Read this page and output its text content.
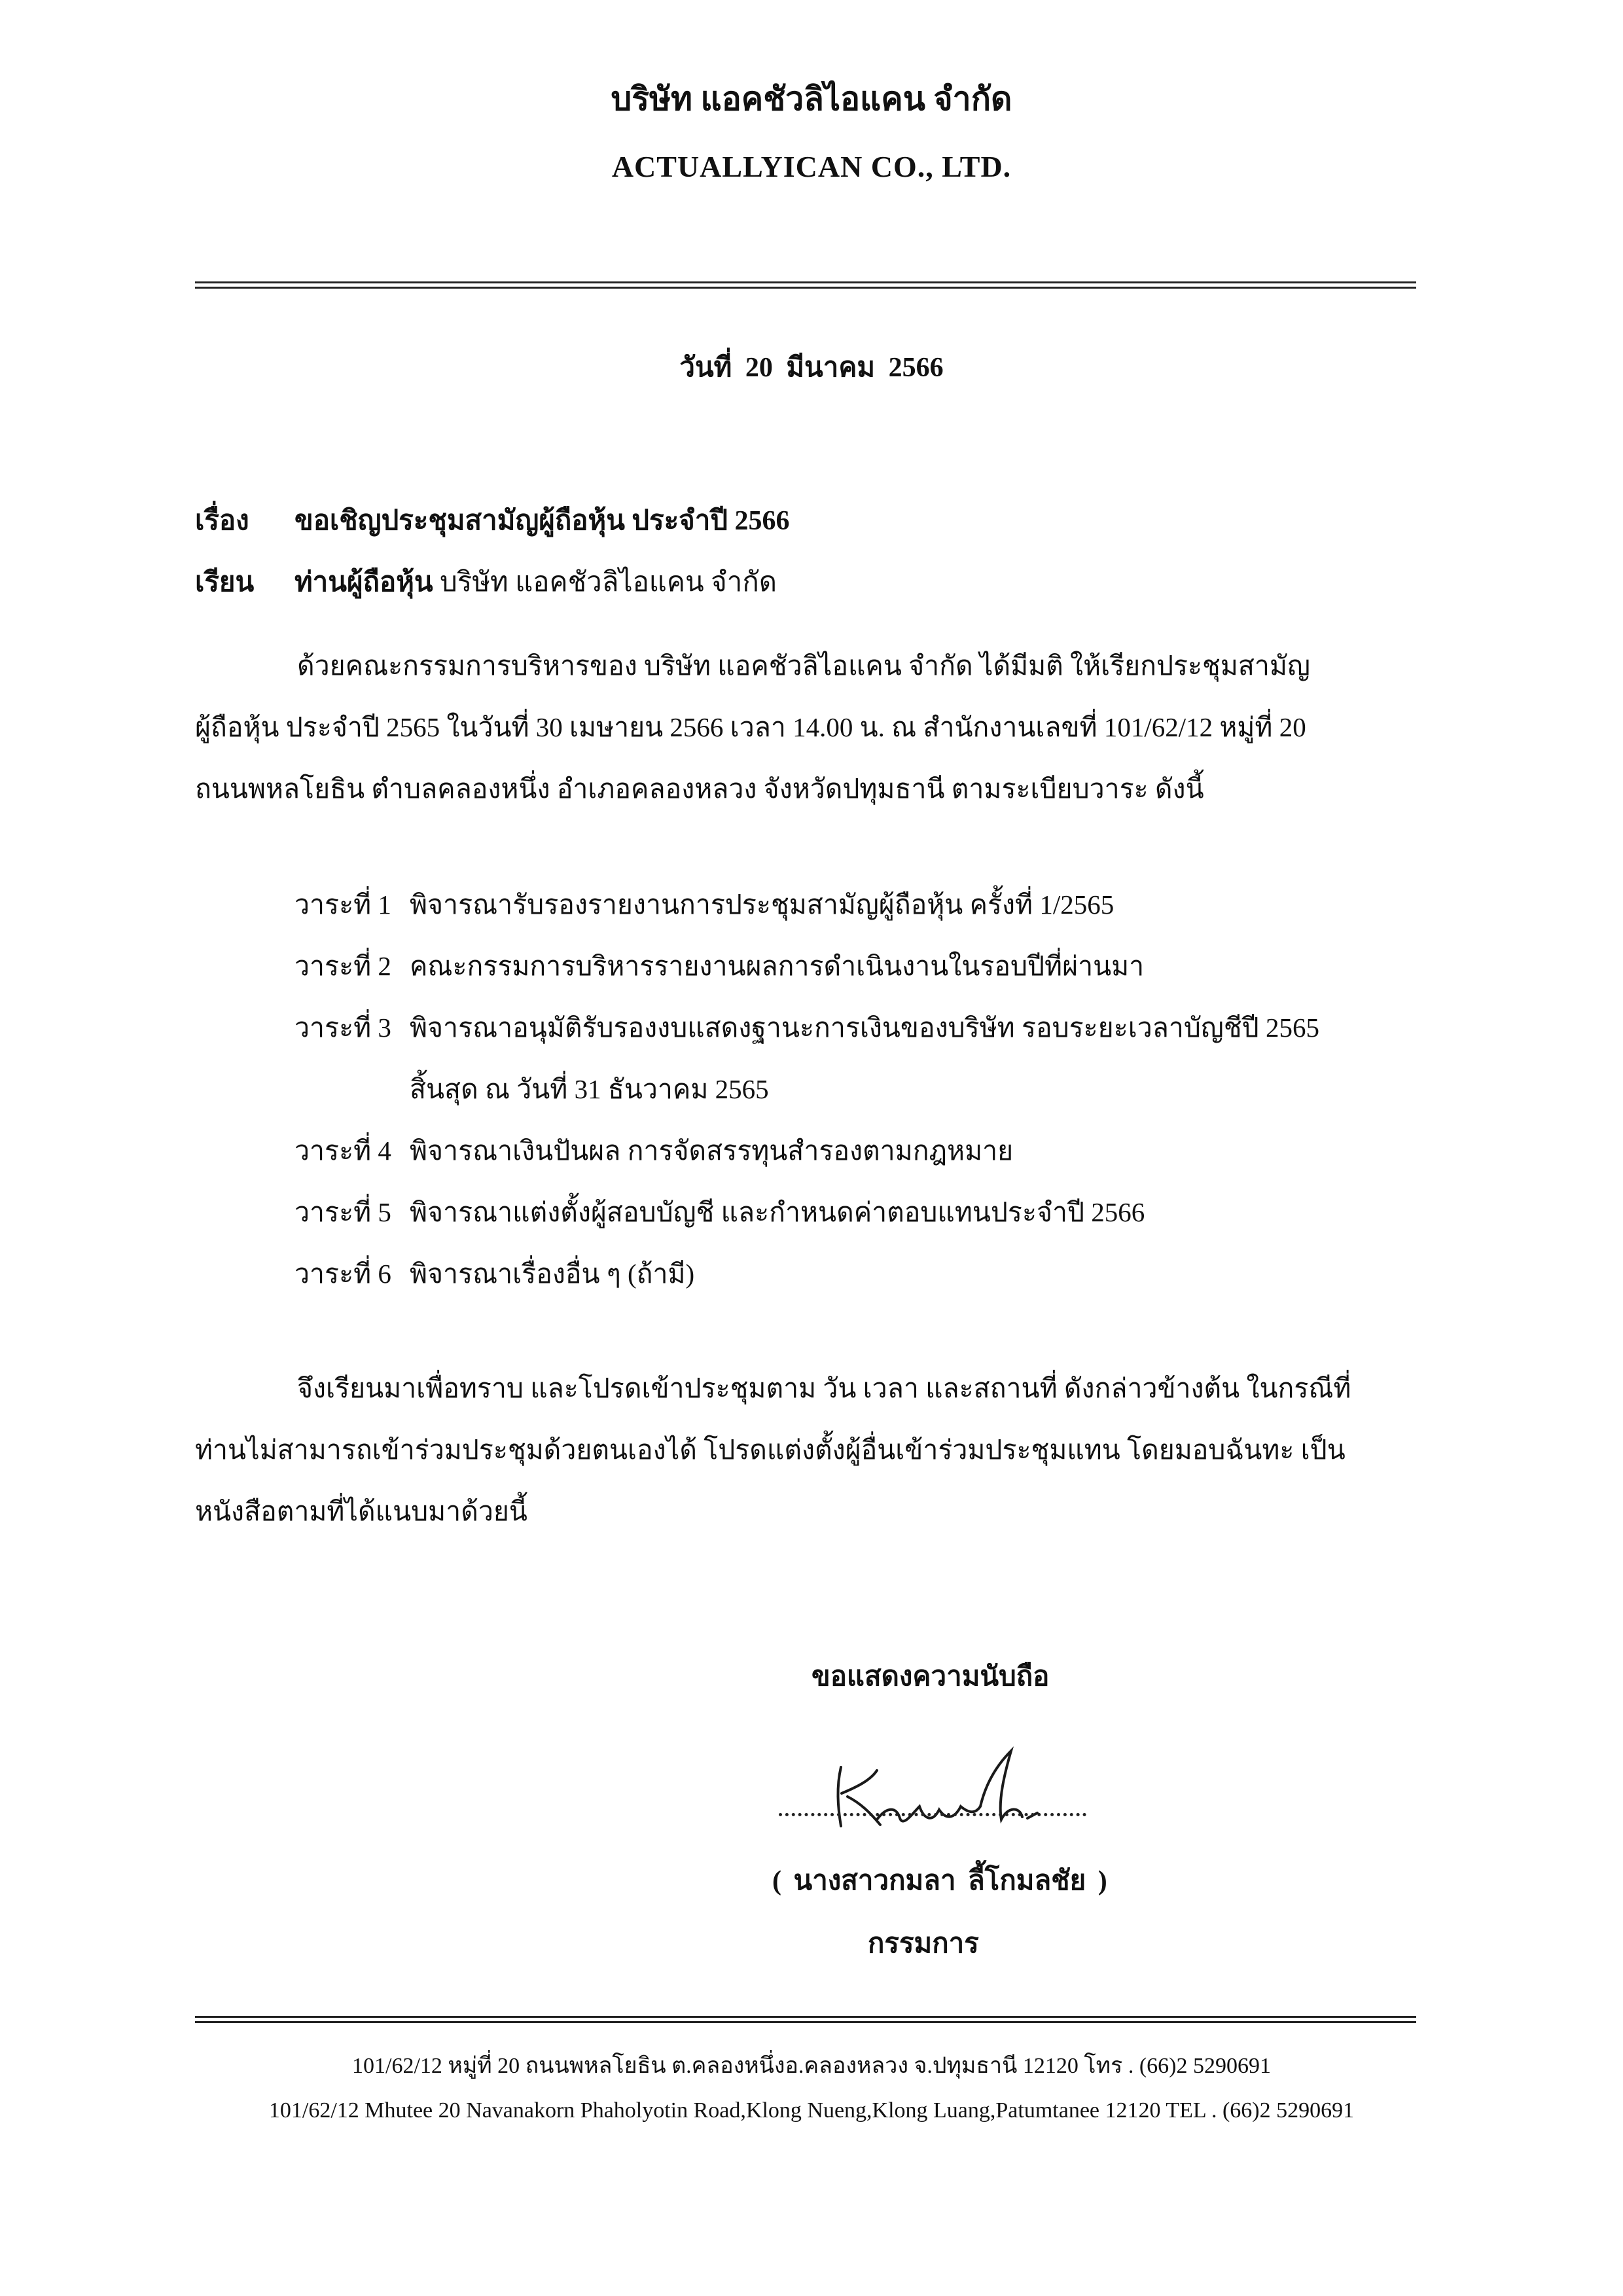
บริษัท แอคชัวลิไอแคน จำกัด
ACTUALLYICAN CO., LTD.
วันที่ 20 มีนาคม 2566
เรื่อง ขอเชิญประชุมสามัญผู้ถือหุ้น ประจำปี 2566
เรียน ท่านผู้ถือหุ้น บริษัท แอคชัวลิไอแคน จำกัด
ด้วยคณะกรรมการบริหารของ บริษัท แอคชัวลิไอแคน จำกัด ได้มีมติ ให้เรียกประชุมสามัญ
ผู้ถือหุ้น ประจำปี 2565 ในวันที่ 30 เมษายน 2566 เวลา 14.00 น. ณ สำนักงานเลขที่ 101/62/12 หมู่ที่ 20
ถนนพหลโยธิน ตำบลคลองหนึ่ง อำเภอคลองหลวง จังหวัดปทุมธานี ตามระเบียบวาระ ดังนี้
วาระที่ 1 พิจารณารับรองรายงานการประชุมสามัญผู้ถือหุ้น ครั้งที่ 1/2565
วาระที่ 2 คณะกรรมการบริหารรายงานผลการดำเนินงานในรอบปีที่ผ่านมา
วาระที่ 3 พิจารณาอนุมัติรับรองงบแสดงฐานะการเงินของบริษัท รอบระยะเวลาบัญชีปี 2565
สิ้นสุด ณ วันที่ 31 ธันวาคม 2565
วาระที่ 4 พิจารณาเงินปันผล การจัดสรรทุนสำรองตามกฎหมาย
วาระที่ 5 พิจารณาแต่งตั้งผู้สอบบัญชี และกำหนดค่าตอบแทนประจำปี 2566
วาระที่ 6 พิจารณาเรื่องอื่น ๆ (ถ้ามี)
จึงเรียนมาเพื่อทราบ และโปรดเข้าประชุมตาม วัน เวลา และสถานที่ ดังกล่าวข้างต้น ในกรณีที่
ท่านไม่สามารถเข้าร่วมประชุมด้วยตนเองได้ โปรดแต่งตั้งผู้อื่นเข้าร่วมประชุมแทน โดยมอบฉันทะ เป็น
หนังสือตามที่ได้แนบมาด้วยนี้
ขอแสดงความนับถือ
( นางสาวกมลา ลี้โกมลชัย )
กรรมการ
101/62/12 หมู่ที่ 20 ถนนพหลโยธิน ต.คลองหนึ่งอ.คลองหลวง จ.ปทุมธานี 12120 โทร . (66)2 5290691
101/62/12 Mhutee 20 Navanakorn Phaholyotin Road,Klong Nueng,Klong Luang,Patumtanee 12120 TEL . (66)2 5290691
